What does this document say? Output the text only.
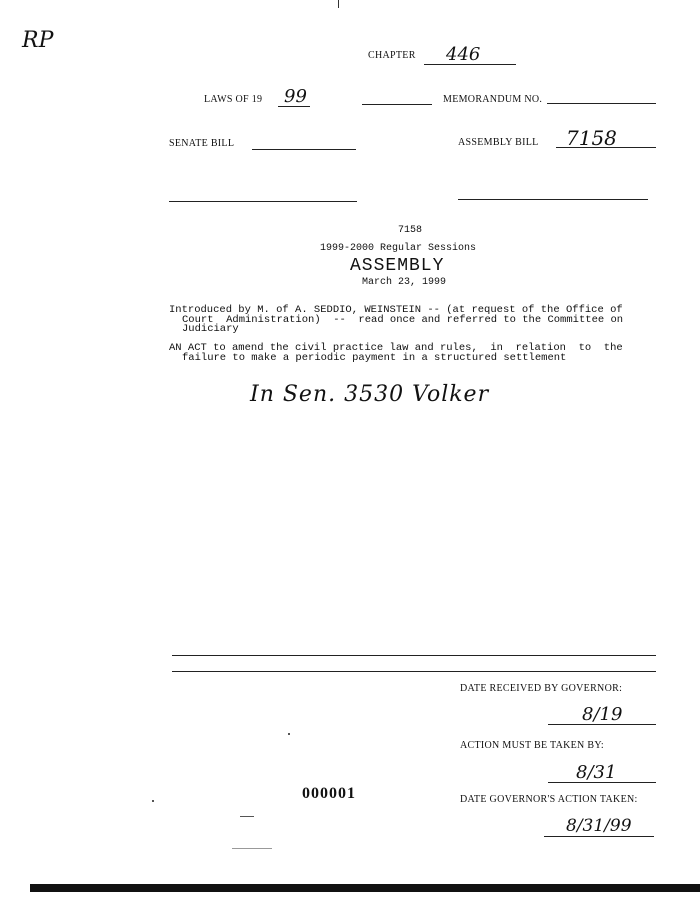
RP
CHAPTER 446
LAWS OF 19 99	MEMORANDUM NO.
SENATE BILL	ASSEMBLY BILL 7158
7158
1999-2000 Regular Sessions
ASSEMBLY
March 23, 1999
Introduced by M. of A. SEDDIO, WEINSTEIN -- (at request of the Office of
Court  Administration)  --  read once and referred to the Committee on
Judiciary
AN ACT to amend the civil practice law and rules,  in  relation  to  the
failure to make a periodic payment in a structured settlement
In Sen. 3530 Volker
DATE RECEIVED BY GOVERNOR:
8/19
ACTION MUST BE TAKEN BY:
8/31
DATE GOVERNOR'S ACTION TAKEN:
8/31/99
000001
